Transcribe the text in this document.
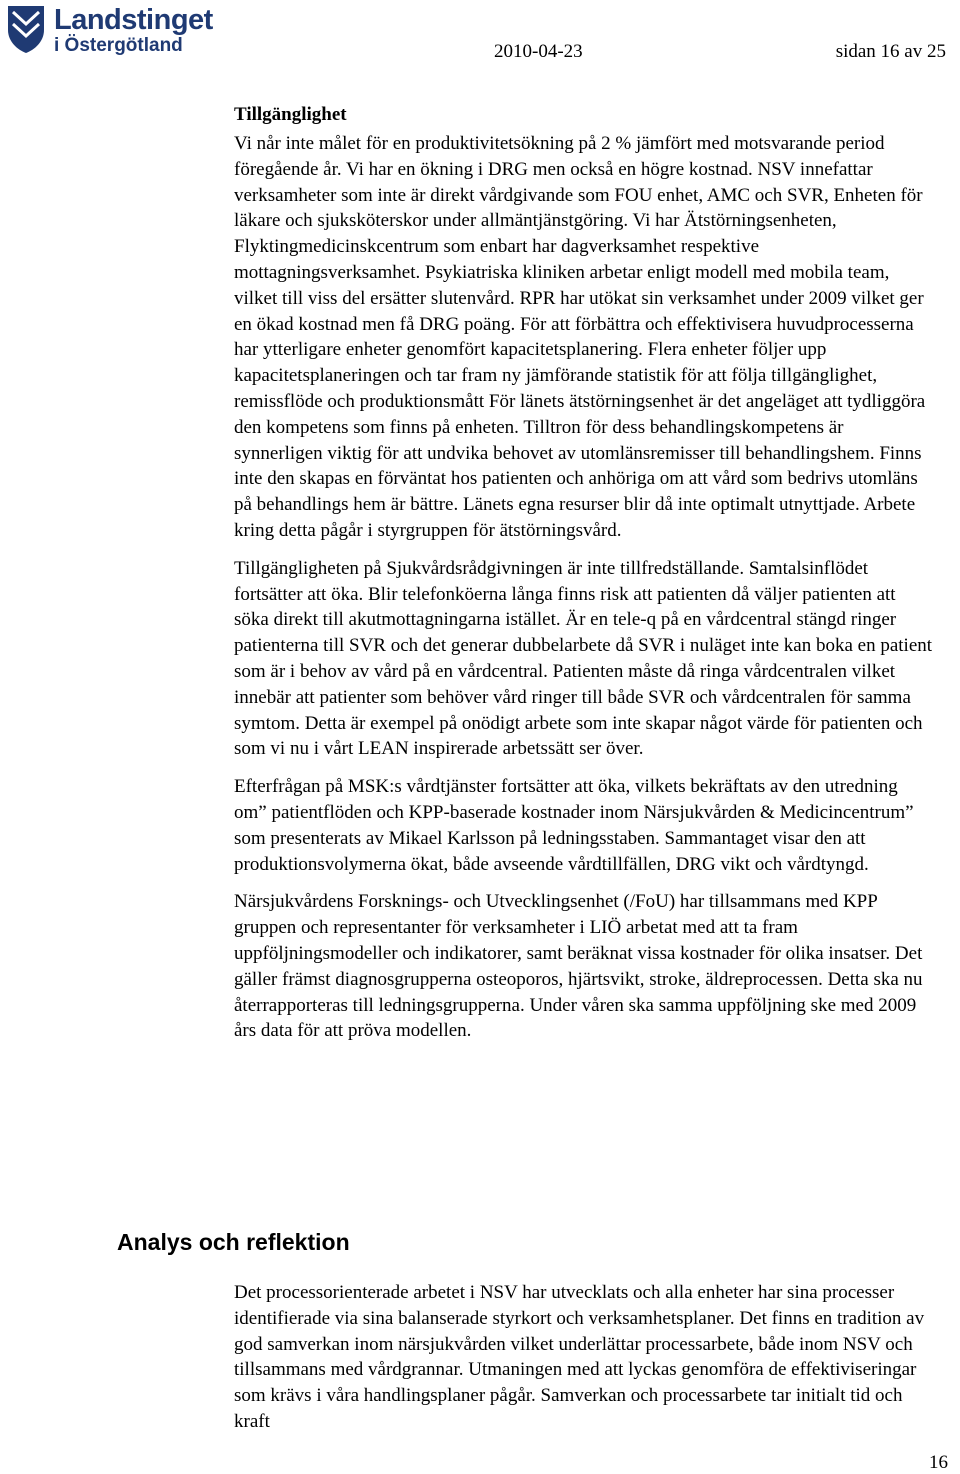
Landstinget
i Östergötland	2010-04-23	sidan 16 av 25
Tillgänglighet

Vi når inte målet för en produktivitetsökning på 2 % jämfört med motsvarande period föregående år. Vi har en ökning i DRG men också en högre kostnad. NSV innefattar verksamheter som inte är direkt vårdgivande som FOU enhet, AMC och SVR, Enheten för läkare och sjuksköterskor under allmäntjänstgöring. Vi har Ätstörningsenheten, Flyktingmedicinskcentrum som enbart har dagverksamhet respektive mottagningsverksamhet. Psykiatriska kliniken arbetar enligt modell med mobila team, vilket till viss del ersätter slutenvård. RPR har utökat sin verksamhet under 2009 vilket ger en ökad kostnad men få DRG poäng. För att förbättra och effektivisera huvudprocesserna har ytterligare enheter genomfört kapacitetsplanering. Flera enheter följer upp kapacitetsplaneringen och tar fram ny jämförande statistik för att följa tillgänglighet, remissflöde och produktionsmått För länets ätstörningsenhet är det angeläget att tydliggöra den kompetens som finns på enheten. Tilltron för dess behandlingskompetens är synnerligen viktig för att undvika behovet av utomlänsremisser till behandlingshem. Finns inte den skapas en förväntat hos patienten och anhöriga om att vård som bedrivs utomläns på behandlings hem är bättre. Länets egna resurser blir då inte optimalt utnyttjade. Arbete kring detta pågår i styrgruppen för ätstörningsvård.

Tillgängligheten på Sjukvårdsrådgivningen är inte tillfredställande. Samtalsinflödet fortsätter att öka. Blir telefonköerna långa finns risk att patienten då väljer patienten att söka direkt till akutmottagningarna istället. Är en tele-q på en vårdcentral stängd ringer patienterna till SVR och det generar dubbelarbete då SVR i nuläget inte kan boka en patient som är i behov av vård på en vårdcentral. Patienten måste då ringa vårdcentralen vilket innebär att patienter som behöver vård ringer till både SVR och vårdcentralen för samma symtom. Detta är exempel på onödigt arbete som inte skapar något värde för patienten och som vi nu i vårt LEAN inspirerade arbetssätt ser över.

Efterfrågan på MSK:s vårdtjänster fortsätter att öka, vilkets bekräftats av den utredning om” patientflöden och KPP-baserade kostnader inom Närsjukvården & Medicincentrum” som presenterats av Mikael Karlsson på ledningsstaben. Sammantaget visar den att produktionsvolymerna ökat, både avseende vårdtillfällen, DRG vikt och vårdtyngd.

Närsjukvårdens Forsknings- och Utvecklingsenhet (/FoU) har tillsammans med KPP gruppen och representanter för verksamheter i LIÖ arbetat med att ta fram uppföljningsmodeller och indikatorer, samt beräknat vissa kostnader för olika insatser. Det gäller främst diagnosgrupperna osteoporos, hjärtsvikt, stroke, äldreprocessen. Detta ska nu återrapporteras till ledningsgrupperna. Under våren ska samma uppföljning ske med 2009 års data för att pröva modellen.

Analys och reflektion

Det processorienterade arbetet i NSV har utvecklats och alla enheter har sina processer identifierade via sina balanserade styrkort och verksamhetsplaner. Det finns en tradition av god samverkan inom närsjukvården vilket underlättar processarbete, både inom NSV och tillsammans med vårdgrannar. Utmaningen med att lyckas genomföra de effektiviseringar som krävs i våra handlingsplaner pågår. Samverkan och processarbete tar initialt tid och kraft

16
